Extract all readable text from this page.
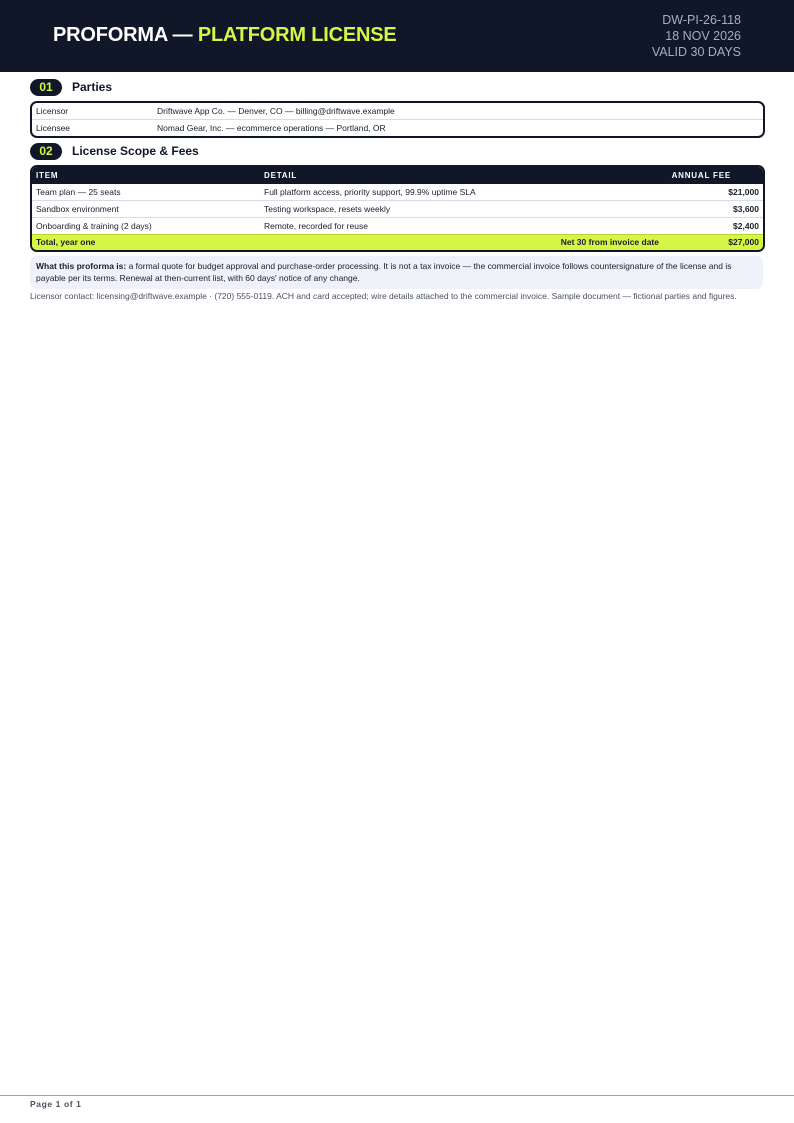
PROFORMA — PLATFORM LICENSE
DW-PI-26-118
18 NOV 2026
VALID 30 DAYS
01 Parties
Licensor	Driftwave App Co. — Denver, CO — billing@driftwave.example
Licensee	Nomad Gear, Inc. — ecommerce operations — Portland, OR
02 License Scope & Fees
ITEM	DETAIL	ANNUAL FEE
Team plan — 25 seats	Full platform access, priority support, 99.9% uptime SLA	$21,000
Sandbox environment	Testing workspace, resets weekly	$3,600
Onboarding & training (2 days)	Remote, recorded for reuse	$2,400
Total, year one	Net 30 from invoice date	$27,000
What this proforma is: a formal quote for budget approval and purchase-order processing. It is not a tax invoice — the commercial invoice follows countersignature of the license and is payable per its terms. Renewal at then-current list, with 60 days' notice of any change.
Licensor contact: licensing@driftwave.example · (720) 555-0119. ACH and card accepted; wire details attached to the commercial invoice. Sample document — fictional parties and figures.
Page 1 of 1
